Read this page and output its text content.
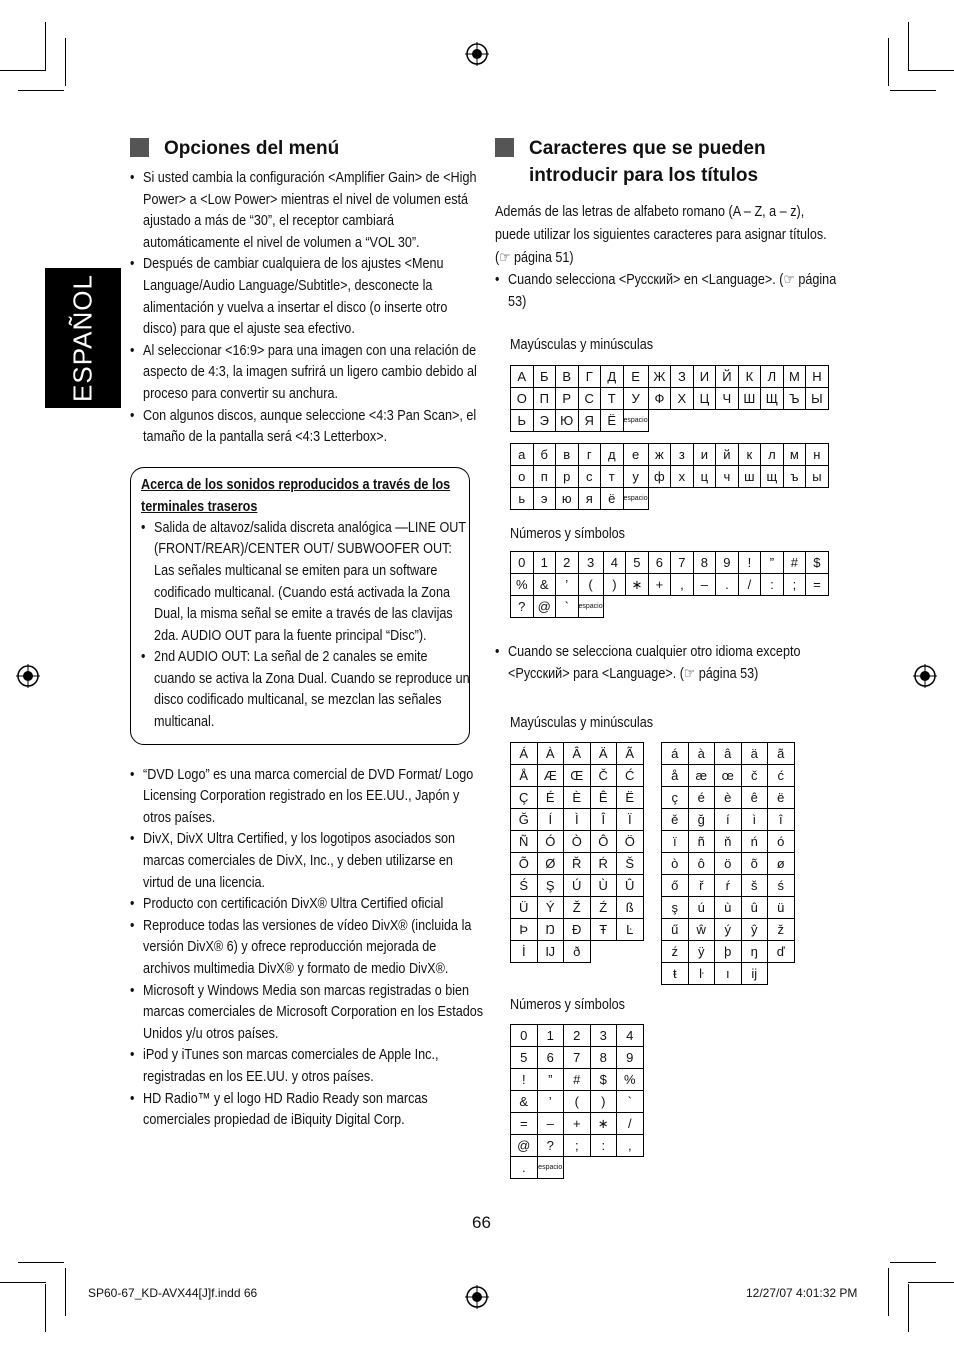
ESPAÑOL
Opciones del menú
• Si usted cambia la configuración <Amplifier Gain> de <High Power> a <Low Power> mientras el nivel de volumen está ajustado a más de “30”, el receptor cambiará automáticamente el nivel de volumen a “VOL 30”.
• Después de cambiar cualquiera de los ajustes <Menu Language/Audio Language/Subtitle>, desconecte la alimentación y vuelva a insertar el disco (o inserte otro disco) para que el ajuste sea efectivo.
• Al seleccionar <16:9> para una imagen con una relación de aspecto de 4:3, la imagen sufrirá un ligero cambio debido al proceso para convertir su anchura.
• Con algunos discos, aunque seleccione <4:3 Pan Scan>, el tamaño de la pantalla será <4:3 Letterbox>.
Acerca de los sonidos reproducidos a través de los terminales traseros
• Salida de altavoz/salida discreta analógica —LINE OUT (FRONT/REAR)/CENTER OUT/ SUBWOOFER OUT: Las señales multicanal se emiten para un software codificado multicanal. (Cuando está activada la Zona Dual, la misma señal se emite a través de las clavijas 2da. AUDIO OUT para la fuente principal “Disc”).
• 2nd AUDIO OUT: La señal de 2 canales se emite cuando se activa la Zona Dual. Cuando se reproduce un disco codificado multicanal, se mezclan las señales multicanal.
• “DVD Logo” es una marca comercial de DVD Format/ Logo Licensing Corporation registrado en los EE.UU., Japón y otros países.
• DivX, DivX Ultra Certified, y los logotipos asociados son marcas comerciales de DivX, Inc., y deben utilizarse en virtud de una licencia.
• Producto con certificación DivX® Ultra Certified oficial
• Reproduce todas las versiones de vídeo DivX® (incluida la versión DivX® 6) y ofrece reproducción mejorada de archivos multimedia DivX® y formato de medio DivX®.
• Microsoft y Windows Media son marcas registradas o bien marcas comerciales de Microsoft Corporation en los Estados Unidos y/u otros países.
• iPod y iTunes son marcas comerciales de Apple Inc., registradas en los EE.UU. y otros países.
• HD Radio™ y el logo HD Radio Ready son marcas comerciales propiedad de iBiquity Digital Corp.
Caracteres que se pueden introducir para los títulos

Además de las letras de alfabeto romano (A – Z, a – z), puede utilizar los siguientes caracteres para asignar títulos. (☞ página 51)

• Cuando selecciona <Русский> en <Language>. (☞ página 53)
Mayúsculas y minúsculas
А	Б	В	Г	Д	Е	Ж	З	И	Й	К	Л	М	Н
О	П	Р	С	Т	У	Ф	Х	Ц	Ч	Ш	Щ	Ъ	Ы
Ь	Э	Ю	Я	Ё	espacio								
а	б	в	г	д	е	ж	з	и	й	к	л	м	н
о	п	р	с	т	у	ф	х	ц	ч	ш	щ	ъ	ы
ь	э	ю	я	ё	espacio								
Números y símbolos
0	1	2	3	4	5	6	7	8	9	!	”	#	$
%	&	’	(	)	∗	+	,	–	.	/	:	;	=
?	@	`	espacio										
• Cuando se selecciona cualquier otro idioma excepto <Русский> para <Language>. (☞ página 53)
Mayúsculas y minúsculas
Á	À	Â	Ä	Ã
Å	Æ	Œ	Č	Ć
Ç	É	È	Ê	Ë
Ğ	Í	Ì	Î	Ï
Ñ	Ó	Ò	Ô	Ö
Õ	Ø	Ř	Ŕ	Š
Ś	Ş	Ú	Ù	Û
Ü	Ý	Ž	Ź	ß
Þ	Ŋ	Đ	Ŧ	Ŀ
İ	Ĳ	ð		
á	à	â	ä	ã
å	æ	œ	č	ć
ç	é	è	ê	ë
ě	ğ	í	ì	î
ï	ñ	ň	ń	ó
ò	ô	ö	õ	ø
ő	ř	ŕ	š	ś
ş	ú	ù	û	ü
ű	ŵ	ý	ŷ	ž
ź	ÿ	þ	ŋ	ď
ŧ	ŀ	ı	ĳ	
Números y símbolos
0	1	2	3	4
5	6	7	8	9
!	”	#	$	%
&	’	(	)	`
=	–	+	∗	/
@	?	;	:	,
.	espacio			
66
SP60-67_KD-AVX44[J]f.indd 66	12/27/07 4:01:32 PM
